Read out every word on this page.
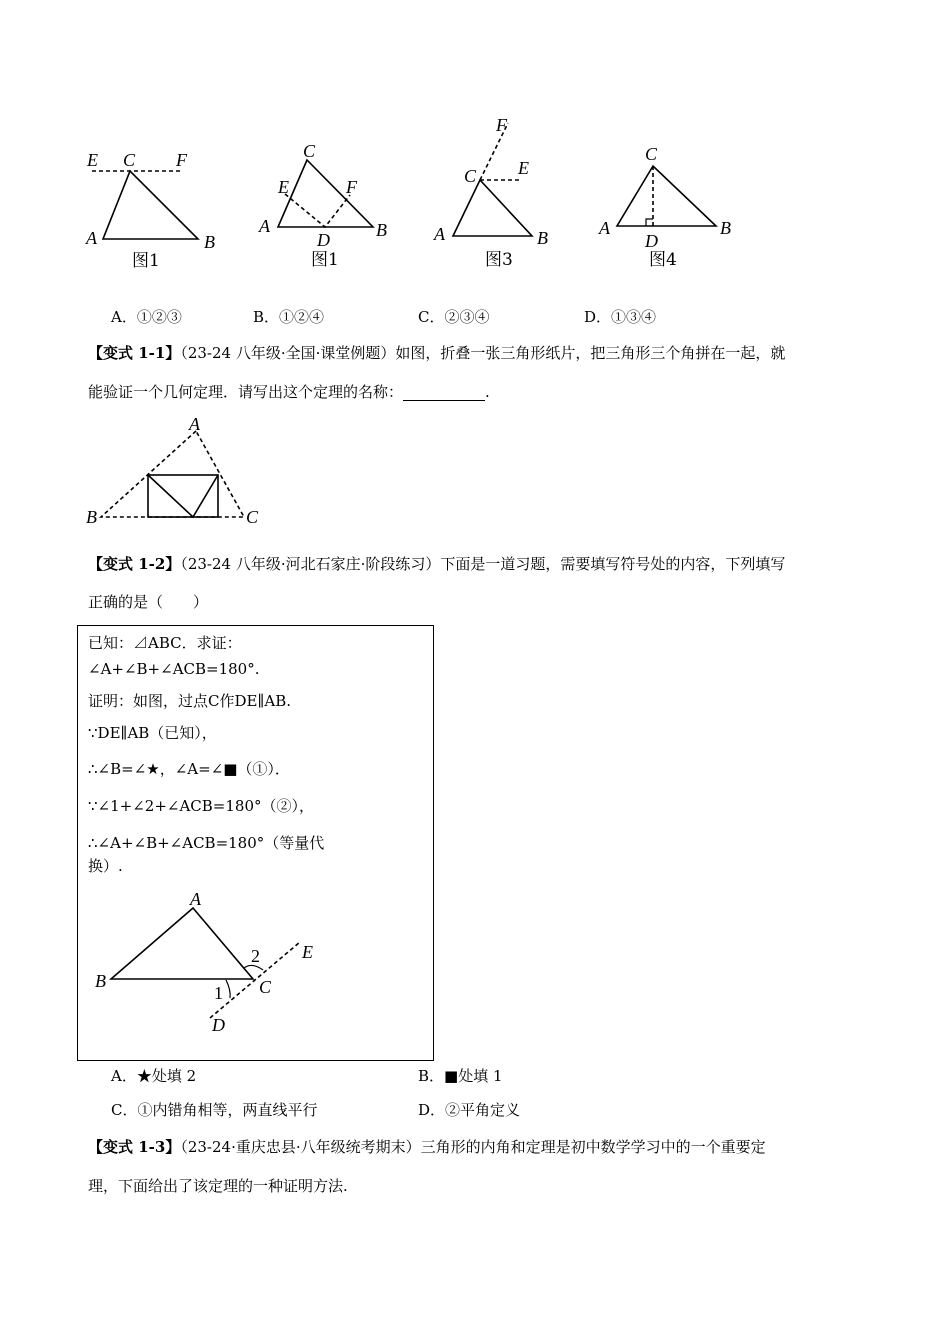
E C F
A	B
图1
C
E	F
A
D	B
图1
F
C E
A	B
图3
C
A
D
B
图4
A
B	C
A
B	C
D
E
1
2
A．①②③	B．①②④	C．②③④	D．①③④
【变式 1-1】（23-24 八年级·全国·课堂例题）如图，折叠一张三角形纸片，把三角形三个角拼在一起，就
能验证一个几何定理．请写出这个定理的名称：	.
【变式 1-2】（23-24 八年级·河北石家庄·阶段练习）下面是一道习题，需要填写符号处的内容，下列填写
正确的是（　　）
已知：⊿ABC．求证：
∠A+∠B+∠ACB=180°.
证明：如图，过点C作DE∥AB.
∵DE∥AB（已知），
∴∠B=∠★，∠A=∠■（①）．
∵∠1+∠2+∠ACB=180°（②），
∴∠A+∠B+∠ACB=180°（等量代
换）.
A．★处填 2	B．■处填 1
C．①内错角相等，两直线平行	D．②平角定义
【变式 1-3】（23-24·重庆忠县·八年级统考期末）三角形的内角和定理是初中数学学习中的一个重要定
理，下面给出了该定理的一种证明方法.
